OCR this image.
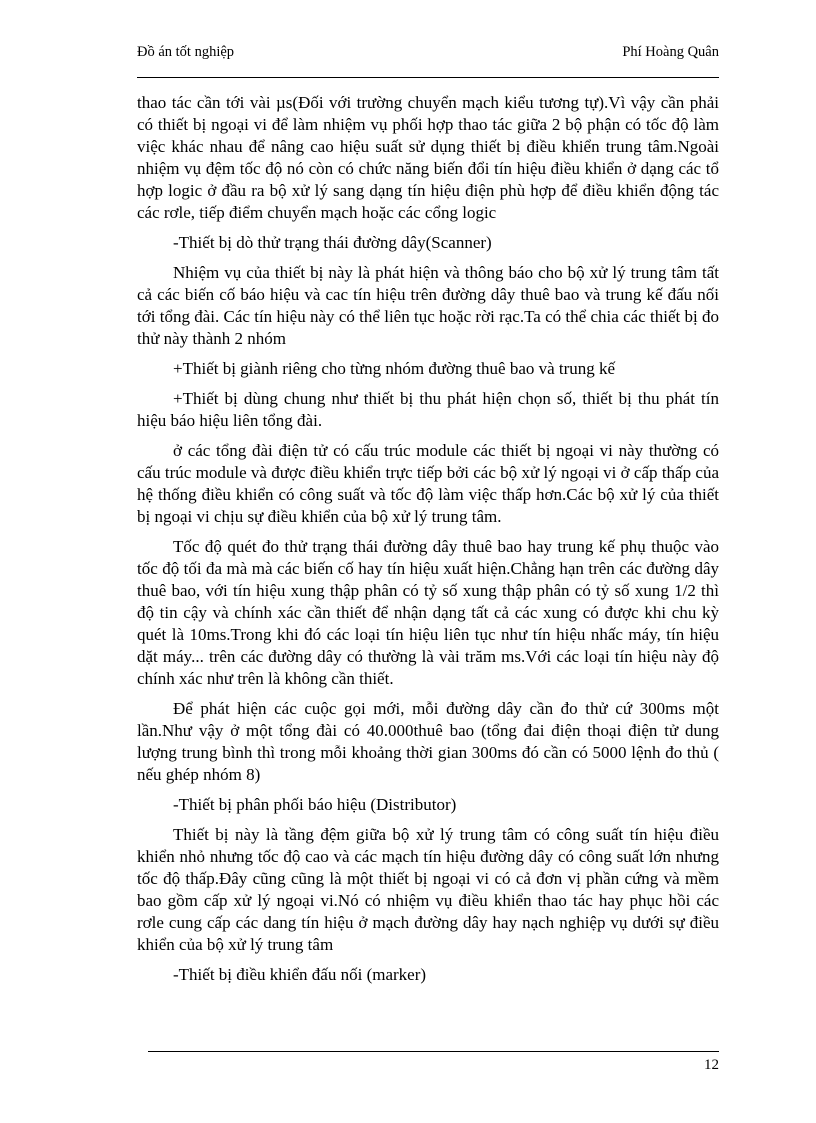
Đồ án tốt nghiệp	Phí Hoàng Quân

thao tác cần tới vài µs(Đối với trường chuyển mạch kiểu tương tự).Vì vậy cần phải có thiết bị ngoại vi để làm nhiệm vụ phối hợp thao tác giữa 2 bộ phận có tốc độ làm việc khác nhau để nâng cao hiệu suất sử dụng thiết bị điều khiển trung tâm.Ngoài nhiệm vụ đệm tốc độ nó còn có chức năng biến đổi tín hiệu điều khiển ở dạng các tổ hợp logic ở đầu ra bộ xử lý sang dạng tín hiệu điện phù hợp để điều khiển động tác các rơle, tiếp điểm chuyển mạch hoặc các cổng logic

-Thiết bị dò thử trạng thái đường dây(Scanner)

Nhiệm vụ của thiết bị này là phát hiện và thông báo cho bộ xử lý trung tâm tất cả các biến cố báo hiệu và cac tín hiệu trên đường dây thuê bao và trung kế đấu nối tới tổng đài. Các tín hiệu này có thể liên tục hoặc rời rạc.Ta có thể chia các thiết bị đo thử này thành 2 nhóm

+Thiết bị giành riêng cho từng nhóm đường thuê bao và trung kế

+Thiết bị dùng chung như thiết bị thu phát hiện chọn số, thiết bị thu phát tín hiệu báo hiệu liên tổng đài.

ở các tổng đài điện tử có cấu trúc module các thiết bị ngoại vi này thường có cấu trúc module và được điều khiển trực tiếp bởi các bộ xử lý ngoại vi ở cấp thấp của hệ thống điều khiển có công suất và tốc độ làm việc thấp hơn.Các bộ xử lý của thiết bị ngoại vi chịu sự điều khiển của bộ xử lý trung tâm.

Tốc độ quét đo thử trạng thái đường dây thuê bao hay trung kế phụ thuộc vào tốc độ tối đa mà mà các biến cố hay tín hiệu xuất hiện.Chẳng hạn trên các đường dây thuê bao, với tín hiệu xung thập phân có tỷ số xung thập phân có tỷ số xung 1/2 thì độ tin cậy và chính xác cần thiết để nhận dạng tất cả các xung có được khi chu kỳ quét là 10ms.Trong khi đó các loại tín hiệu liên tục như tín hiệu nhấc máy, tín hiệu dặt máy... trên các đường dây có thường là vài trăm ms.Với các loại tín hiệu này độ chính xác như trên là không cần thiết.

Để phát hiện các cuộc gọi mới, mỗi đường dây cần đo thử cứ 300ms một lần.Như vậy ở một tổng đài có 40.000thuê bao (tổng đai điện thoại điện tử dung lượng trung bình thì trong mỗi khoảng thời gian 300ms đó cần có 5000 lệnh đo thủ ( nếu ghép nhóm 8)

-Thiết bị phân phối báo hiệu (Distributor)

Thiết bị này là tầng đệm giữa bộ xử lý trung tâm có công suất tín hiệu điều khiển nhỏ nhưng tốc độ cao và các mạch tín hiệu đường dây có công suất lớn nhưng tốc độ thấp.Đây cũng cũng là một thiết bị ngoại vi có cả đơn vị phần cứng và mềm bao gồm cấp xử lý ngoại vi.Nó có nhiệm vụ điều khiển thao tác hay phục hồi các rơle cung cấp các dang tín hiệu ở mạch đường dây hay nạch nghiệp vụ dưới sự điều khiển của bộ xử lý trung tâm

-Thiết bị điều khiển đấu nối (marker)

12
